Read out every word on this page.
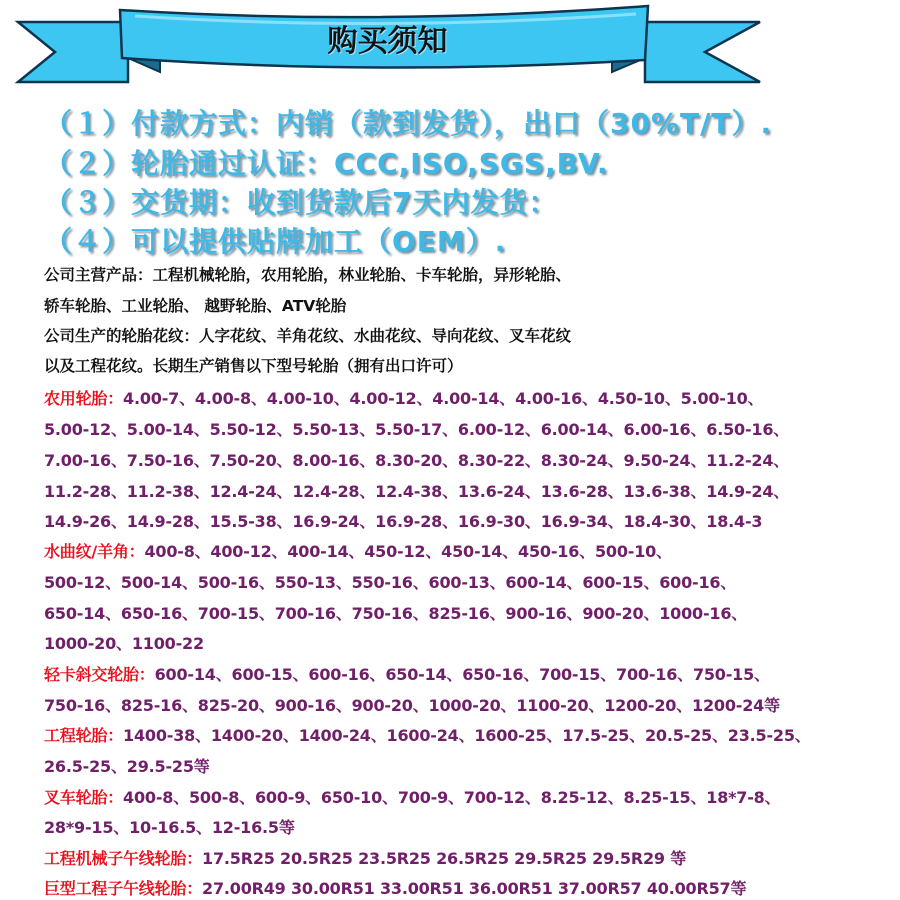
购买须知
（１）付款方式：内销（款到发货），出口（30%T/T）.
（２）轮胎通过认证：CCC,ISO,SGS,BV.
（３）交货期：收到货款后7天内发货：
（４）可以提供贴牌加工（OEM）.
公司主营产品：工程机械轮胎，农用轮胎，林业轮胎、卡车轮胎，异形轮胎、
轿车轮胎、工业轮胎、 越野轮胎、ATV轮胎
公司生产的轮胎花纹：人字花纹、羊角花纹、水曲花纹、导向花纹、叉车花纹
以及工程花纹。长期生产销售以下型号轮胎（拥有出口许可）
农用轮胎：4.00-7、4.00-8、4.00-10、4.00-12、4.00-14、4.00-16、4.50-10、5.00-10、
5.00-12、5.00-14、5.50-12、5.50-13、5.50-17、6.00-12、6.00-14、6.00-16、6.50-16、
7.00-16、7.50-16、7.50-20、8.00-16、8.30-20、8.30-22、8.30-24、9.50-24、11.2-24、
11.2-28、11.2-38、12.4-24、12.4-28、12.4-38、13.6-24、13.6-28、13.6-38、14.9-24、
14.9-26、14.9-28、15.5-38、16.9-24、16.9-28、16.9-30、16.9-34、18.4-30、18.4-3
水曲纹/羊角：400-8、400-12、400-14、450-12、450-14、450-16、500-10、
500-12、500-14、500-16、550-13、550-16、600-13、600-14、600-15、600-16、
650-14、650-16、700-15、700-16、750-16、825-16、900-16、900-20、1000-16、
1000-20、1100-22
轻卡斜交轮胎：600-14、600-15、600-16、650-14、650-16、700-15、700-16、750-15、
750-16、825-16、825-20、900-16、900-20、1000-20、1100-20、1200-20、1200-24等
工程轮胎：1400-38、1400-20、1400-24、1600-24、1600-25、17.5-25、20.5-25、23.5-25、
26.5-25、29.5-25等
叉车轮胎：400-8、500-8、600-9、650-10、700-9、700-12、8.25-12、8.25-15、18*7-8、
28*9-15、10-16.5、12-16.5等
工程机械子午线轮胎：17.5R25 20.5R25 23.5R25 26.5R25 29.5R25 29.5R29 等
巨型工程子午线轮胎：27.00R49 30.00R51 33.00R51 36.00R51 37.00R57 40.00R57等
